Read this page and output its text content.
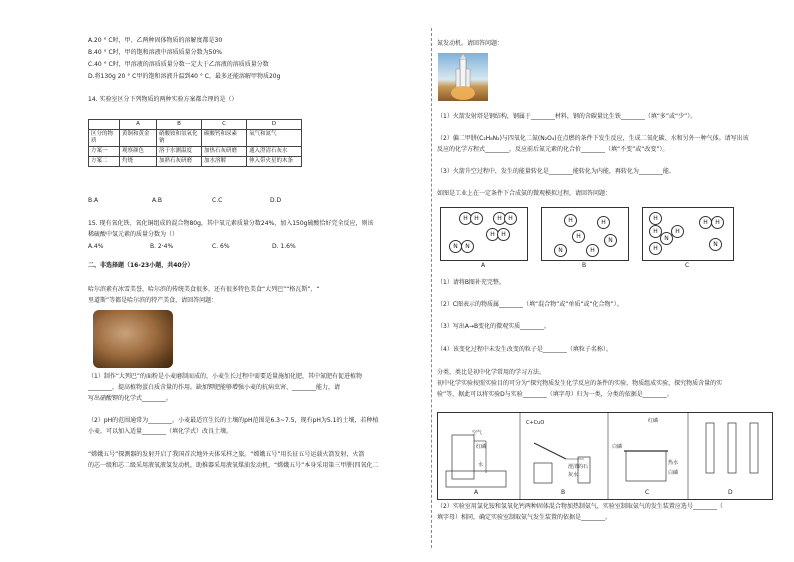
A.20 ° C时，甲、乙两种固体物质的溶解度都是30
B.40 ° C时，甲的饱和溶液中溶质质量分数为50%
C.40 ° C时，甲溶液的溶质质量分数一定大于乙溶液的溶质质量分数
D.将130g 20 ° C甲的饱和溶液升温到40 ° C，最多还能溶解甲物质20g
14. 实验室区分下列物质的两种实验方案都合理的是（）
	A	B	C	D
区分的物质	黄铜和黄金	硝酸铵和氢氧化钠	碳酸钙和尿素	氧气和氮气
方案一	观察颜色	溶于水测温度	加热石灰研磨	通入澄清石灰水
方案二	灼烧	加熟石灰研磨	加水溶解	伸入带火星的木条
B.A	A.B	C.C	D.D
15. 现有氧化铁、氧化铜组成的混合物80g，其中氧元素质量分数24%，加入150g硫酸恰好完全反应，则该
稀硫酸中氢元素的质量分数为（）
A.4%	B. 2·4%	C. 6%	D. 1.6%
二、非选择题（16-23小题，共40分）
哈尔滨素有冰雪美誉，哈尔滨的传统美食很多，还有很多特色美食“大列巴”“格瓦斯”、“
里道斯”等都是哈尔滨的特产美食，请回答问题：
（1）制作“大列巴”的面粉是小麦磨制而成的，小麦生长过程中需要适量施加化肥，其中氮肥有促进植物
________，提高植物蛋白质含量的作用。缺加钾肥能够增强小麦的抗病虫害、________能力，请
写出硝酸钾的化学式________。
（2）pH的范围通常为________。小麦最适宜生长的土壤的pH范围是6.3~7.5，现有pH为5.1的土壤，若种植
小麦，可以加入适量________（填化学式）改良土壤。
“嫦娥五号”探测器的发射开启了我国首次地外天体采样之旅。“嫦娥五号”用长征五号运载火箭发射，火箭
的芯一级和芯二级采用液氧液氢发动机，助推器采用液氧煤油发动机，“嫦娥五号”本身采用第三甲肼(四氧化二
氮发动机。请回答问题：
（1）火箭发射塔是钢结构，钢属于________材料，钢的含碳量比生铁________（填“多”或“少”）。
（2）偏二甲肼(C₂H₈N₂)与四氧化二氮(N₂O₄)在点燃的条件下发生反应，生成二氧化碳、水和另外一种气体。请写出该
反应的化学方程式________，反应前后氮元素的化合价________（填“不变”或“改变”）。
（3）火箭升空过程中，发生的能量转化是________能转化为内能，再转化为________能。
如图是工业上在一定条件下合成氨的微观模拟过程，请回答问题：
H	H	H	H
H	H
N	N
H	H
H
N
N	H
H
H
N
H
H
H	H
N
A	B	C
（1）请将B图补充完整。
（2）C图表示的物质属________（填“混合物”或“单质”或“化合物”）。
（3）写出A→B变化的微观实质________。
（4）该变化过程中未发生改变的粒子是________（填粒子名称）。
分类、类比是初中化学常用的学习方法。
初中化学实验按照实验目的可分为“探究物质发生化学反应的条件的实验，物质组成实验，探究物质含量的实
验”等，据此可以将实验D与实验________（填字母）归为一类，分类的依据是________。
空气
红磷
水
C+CuO
澄清的石灰水
红磷
白磷
热水
白磷
A	B	C	D
（2）实验室用氯化铵和氢氧化钙两种固体混合物加热制氨气，实验室制取氨气的发生装置应选号________（
填字母）相同，确定实验室制取氨气发生装置的依据是________。
